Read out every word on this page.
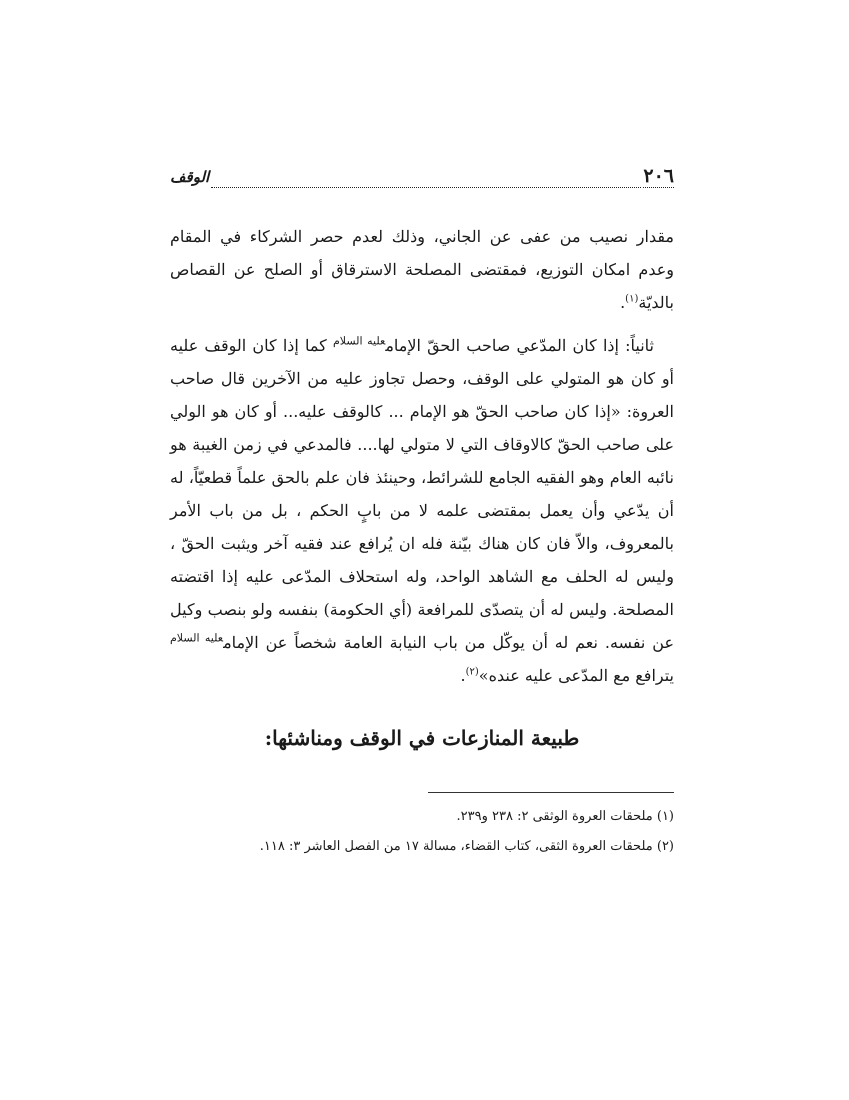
٢٠٦
الوقف

مقدار نصيب من عفى عن الجاني، وذلك لعدم حصر الشركاء في المقام وعدم امكان التوزيع، فمقتضى المصلحة الاسترقاق أو الصلح عن القصاص بالديّة$^{(١)}$.

ثانياً: إذا كان المدّعي صاحب الحقّ الإمام$^{عليه السلام}$ كما إذا كان الوقف عليه أو كان هو المتولي على الوقف، وحصل تجاوز عليه من الآخرين قال صاحب العروة: «إذا كان صاحب الحقّ هو الإمام ... كالوقف عليه... أو كان هو الولي على صاحب الحقّ كالاوقاف التي لا متولي لها.... فالمدعي في زمن الغيبة هو نائبه العام وهو الفقيه الجامع للشرائط، وحينئذ فان علم بالحق علماً قطعيّاً، له أن يدّعي وأن يعمل بمقتضى علمه لا من بابٍ الحكم ، بل من باب الأمر بالمعروف، والاّ فان كان هناك بيّنة فله ان يُرافع عند فقيه آخر ويثبت الحقّ ، وليس له الحلف مع الشاهد الواحد، وله استحلاف المدّعى عليه إذا اقتضته المصلحة. وليس له أن يتصدّى للمرافعة (أي الحكومة) بنفسه ولو بنصب وكيل عن نفسه. نعم له أن يوكّل من باب النيابة العامة شخصاً عن الإمام$^{عليه السلام}$ يترافع مع المدّعى عليه عنده»$^{(٢)}$.

طبيعة المنازعات في الوقف ومناشئها:

(١) ملحقات العروة الوثقى ٢: ٢٣٨ و٢٣٩.

(٢) ملحقات العروة الثقى، كتاب القضاء، مسالة ١٧ من الفصل العاشر ٣: ١١٨.
